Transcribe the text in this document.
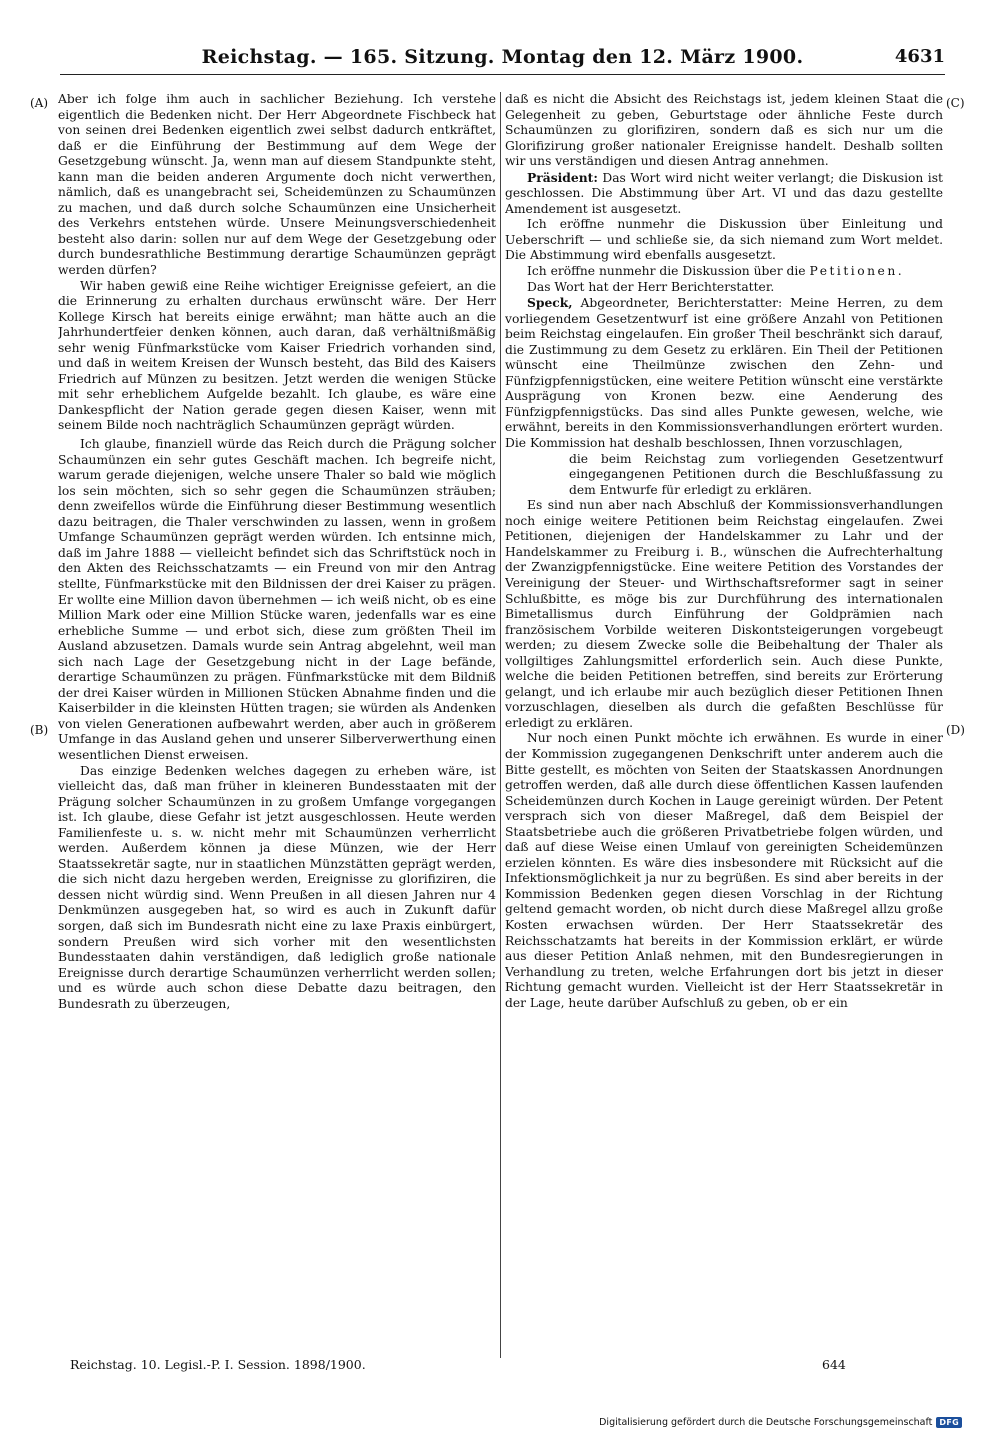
Reichstag. — 165. Sitzung. Montag den 12. März 1900.	4631
(A)
(B)
(C)
(D)

Aber ich folge ihm auch in sachlicher Beziehung. Ich verstehe eigentlich die Bedenken nicht. Der Herr Abgeordnete Fischbeck hat von seinen drei Bedenken eigentlich zwei selbst dadurch entkräftet, daß er die Einführung der Bestimmung auf dem Wege der Gesetzgebung wünscht. Ja, wenn man auf diesem Standpunkte steht, kann man die beiden anderen Argumente doch nicht verwerthen, nämlich, daß es unangebracht sei, Scheidemünzen zu Schaumünzen zu machen, und daß durch solche Schaumünzen eine Unsicherheit des Verkehrs entstehen würde. Unsere Meinungsverschiedenheit besteht also darin: sollen nur auf dem Wege der Gesetzgebung oder durch bundesrathliche Bestimmung derartige Schaumünzen geprägt werden dürfen?

Wir haben gewiß eine Reihe wichtiger Ereignisse gefeiert, an die die Erinnerung zu erhalten durchaus erwünscht wäre. Der Herr Kollege Kirsch hat bereits einige erwähnt; man hätte auch an die Jahrhundertfeier denken können, auch daran, daß verhältnißmäßig sehr wenig Fünfmarkstücke vom Kaiser Friedrich vorhanden sind, und daß in weitem Kreisen der Wunsch besteht, das Bild des Kaisers Friedrich auf Münzen zu besitzen. Jetzt werden die wenigen Stücke mit sehr erheblichem Aufgelde bezahlt. Ich glaube, es wäre eine Dankespflicht der Nation gerade gegen diesen Kaiser, wenn mit seinem Bilde noch nachträglich Schaumünzen geprägt würden.

Ich glaube, finanziell würde das Reich durch die Prägung solcher Schaumünzen ein sehr gutes Geschäft machen. Ich begreife nicht, warum gerade diejenigen, welche unsere Thaler so bald wie möglich los sein möchten, sich so sehr gegen die Schaumünzen sträuben; denn zweifellos würde die Einführung dieser Bestimmung wesentlich dazu beitragen, die Thaler verschwinden zu lassen, wenn in großem Umfange Schaumünzen geprägt werden würden. Ich entsinne mich, daß im Jahre 1888 — vielleicht befindet sich das Schriftstück noch in den Akten des Reichsschatzamts — ein Freund von mir den Antrag stellte, Fünfmarkstücke mit den Bildnissen der drei Kaiser zu prägen. Er wollte eine Million davon übernehmen — ich weiß nicht, ob es eine Million Mark oder eine Million Stücke waren, jedenfalls war es eine erhebliche Summe — und erbot sich, diese zum größten Theil im Ausland abzusetzen. Damals wurde sein Antrag abgelehnt, weil man sich nach Lage der Gesetzgebung nicht in der Lage befände, derartige Schaumünzen zu prägen. Fünfmarkstücke mit dem Bildniß der drei Kaiser würden in Millionen Stücken Abnahme finden und die Kaiserbilder in die kleinsten Hütten tragen; sie würden als Andenken von vielen Generationen aufbewahrt werden, aber auch in größerem Umfange in das Ausland gehen und unserer Silberverwerthung einen wesentlichen Dienst erweisen.

Das einzige Bedenken welches dagegen zu erheben wäre, ist vielleicht das, daß man früher in kleineren Bundesstaaten mit der Prägung solcher Schaumünzen in zu großem Umfange vorgegangen ist. Ich glaube, diese Gefahr ist jetzt ausgeschlossen. Heute werden Familienfeste u. s. w. nicht mehr mit Schaumünzen verherrlicht werden. Außerdem können ja diese Münzen, wie der Herr Staatssekretär sagte, nur in staatlichen Münzstätten geprägt werden, die sich nicht dazu hergeben werden, Ereignisse zu glorifiziren, die dessen nicht würdig sind. Wenn Preußen in all diesen Jahren nur 4 Denkmünzen ausgegeben hat, so wird es auch in Zukunft dafür sorgen, daß sich im Bundesrath nicht eine zu laxe Praxis einbürgert, sondern Preußen wird sich vorher mit den wesentlichsten Bundesstaaten dahin verständigen, daß lediglich große nationale Ereignisse durch derartige Schaumünzen verherrlicht werden sollen; und es würde auch schon diese Debatte dazu beitragen, den Bundesrath zu überzeugen,

daß es nicht die Absicht des Reichstags ist, jedem kleinen Staat die Gelegenheit zu geben, Geburtstage oder ähnliche Feste durch Schaumünzen zu glorifiziren, sondern daß es sich nur um die Glorifizirung großer nationaler Ereignisse handelt. Deshalb sollten wir uns verständigen und diesen Antrag annehmen.

Präsident: Das Wort wird nicht weiter verlangt; die Diskusion ist geschlossen. Die Abstimmung über Art. VI und das dazu gestellte Amendement ist ausgesetzt.

Ich eröffne nunmehr die Diskussion über Einleitung und Ueberschrift — und schließe sie, da sich niemand zum Wort meldet. Die Abstimmung wird ebenfalls ausgesetzt.

Ich eröffne nunmehr die Diskussion über die Petitionen.

Das Wort hat der Herr Berichterstatter.

Speck, Abgeordneter, Berichterstatter: Meine Herren, zu dem vorliegendem Gesetzentwurf ist eine größere Anzahl von Petitionen beim Reichstag eingelaufen. Ein großer Theil beschränkt sich darauf, die Zustimmung zu dem Gesetz zu erklären. Ein Theil der Petitionen wünscht eine Theilmünze zwischen den Zehn- und Fünfzigpfennigstücken, eine weitere Petition wünscht eine verstärkte Ausprägung von Kronen bezw. eine Aenderung des Fünfzigpfennigstücks. Das sind alles Punkte gewesen, welche, wie erwähnt, bereits in den Kommissionsverhandlungen erörtert wurden. Die Kommission hat deshalb beschlossen, Ihnen vorzuschlagen,

die beim Reichstag zum vorliegenden Gesetzentwurf eingegangenen Petitionen durch die Beschlußfassung zu dem Entwurfe für erledigt zu erklären.

Es sind nun aber nach Abschluß der Kommissionsverhandlungen noch einige weitere Petitionen beim Reichstag eingelaufen. Zwei Petitionen, diejenigen der Handelskammer zu Lahr und der Handelskammer zu Freiburg i. B., wünschen die Aufrechterhaltung der Zwanzigpfennigstücke. Eine weitere Petition des Vorstandes der Vereinigung der Steuer- und Wirthschaftsreformer sagt in seiner Schlußbitte, es möge bis zur Durchführung des internationalen Bimetallismus durch Einführung der Goldprämien nach französischem Vorbilde weiteren Diskontsteigerungen vorgebeugt werden; zu diesem Zwecke solle die Beibehaltung der Thaler als vollgiltiges Zahlungsmittel erforderlich sein. Auch diese Punkte, welche die beiden Petitionen betreffen, sind bereits zur Erörterung gelangt, und ich erlaube mir auch bezüglich dieser Petitionen Ihnen vorzuschlagen, dieselben als durch die gefaßten Beschlüsse für erledigt zu erklären.

Nur noch einen Punkt möchte ich erwähnen. Es wurde in einer der Kommission zugegangenen Denkschrift unter anderem auch die Bitte gestellt, es möchten von Seiten der Staatskassen Anordnungen getroffen werden, daß alle durch diese öffentlichen Kassen laufenden Scheidemünzen durch Kochen in Lauge gereinigt würden. Der Petent versprach sich von dieser Maßregel, daß dem Beispiel der Staatsbetriebe auch die größeren Privatbetriebe folgen würden, und daß auf diese Weise einen Umlauf von gereinigten Scheidemünzen erzielen könnten. Es wäre dies insbesondere mit Rücksicht auf die Infektionsmöglichkeit ja nur zu begrüßen. Es sind aber bereits in der Kommission Bedenken gegen diesen Vorschlag in der Richtung geltend gemacht worden, ob nicht durch diese Maßregel allzu große Kosten erwachsen würden. Der Herr Staatssekretär des Reichsschatzamts hat bereits in der Kommission erklärt, er würde aus dieser Petition Anlaß nehmen, mit den Bundesregierungen in Verhandlung zu treten, welche Erfahrungen dort bis jetzt in dieser Richtung gemacht wurden. Vielleicht ist der Herr Staatssekretär in der Lage, heute darüber Aufschluß zu geben, ob er ein

Reichstag. 10. Legisl.-P. I. Session. 1898/1900.	644
Digitalisierung gefördert durch die Deutsche Forschungsgemeinschaft DFG
